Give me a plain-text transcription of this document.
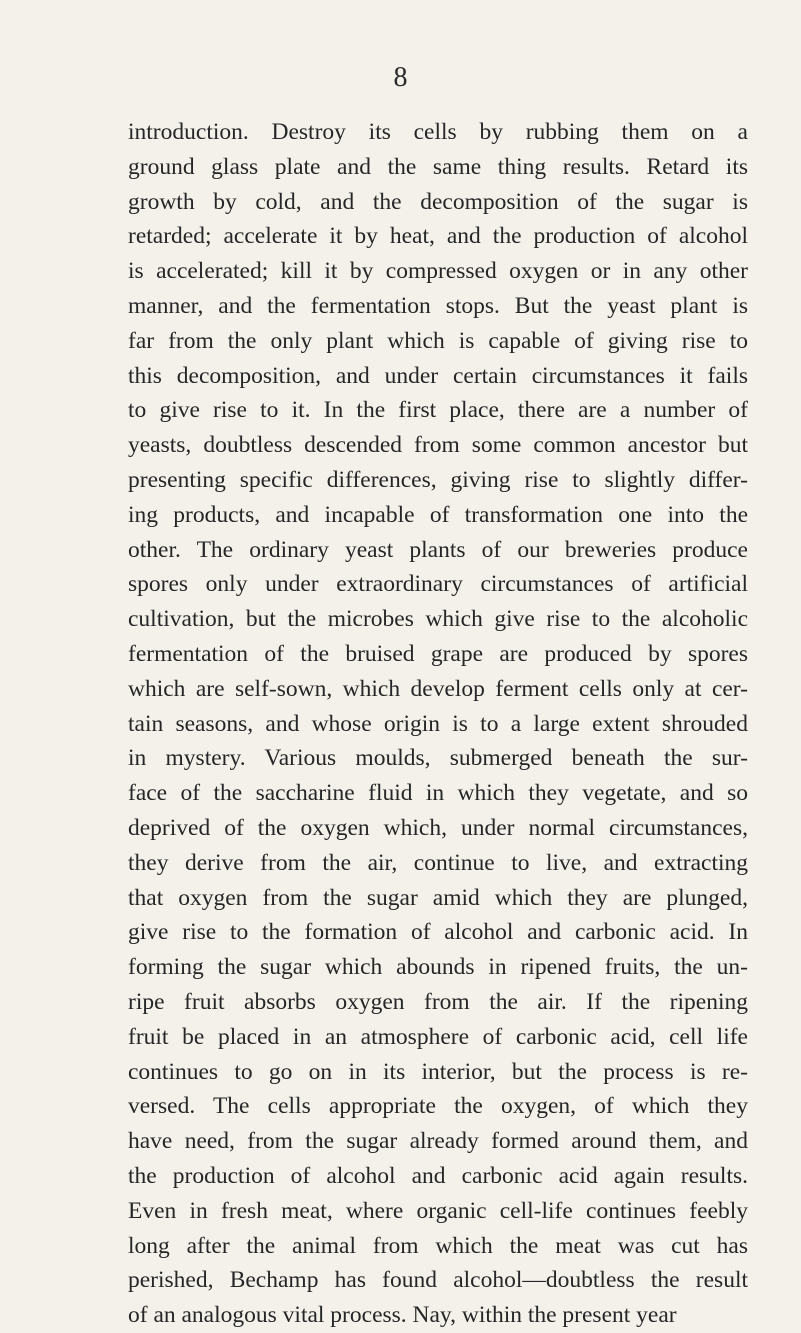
8
introduction. Destroy its cells by rubbing them on a
ground glass plate and the same thing results. Retard its
growth by cold, and the decomposition of the sugar is
retarded; accelerate it by heat, and the production of alcohol
is accelerated; kill it by compressed oxygen or in any other
manner, and the fermentation stops. But the yeast plant is
far from the only plant which is capable of giving rise to
this decomposition, and under certain circumstances it fails
to give rise to it. In the first place, there are a number of
yeasts, doubtless descended from some common ancestor but
presenting specific differences, giving rise to slightly differ-
ing products, and incapable of transformation one into the
other. The ordinary yeast plants of our breweries produce
spores only under extraordinary circumstances of artificial
cultivation, but the microbes which give rise to the alcoholic
fermentation of the bruised grape are produced by spores
which are self-sown, which develop ferment cells only at cer-
tain seasons, and whose origin is to a large extent shrouded
in mystery. Various moulds, submerged beneath the sur-
face of the saccharine fluid in which they vegetate, and so
deprived of the oxygen which, under normal circumstances,
they derive from the air, continue to live, and extracting
that oxygen from the sugar amid which they are plunged,
give rise to the formation of alcohol and carbonic acid. In
forming the sugar which abounds in ripened fruits, the un-
ripe fruit absorbs oxygen from the air. If the ripening
fruit be placed in an atmosphere of carbonic acid, cell life
continues to go on in its interior, but the process is re-
versed. The cells appropriate the oxygen, of which they
have need, from the sugar already formed around them, and
the production of alcohol and carbonic acid again results.
Even in fresh meat, where organic cell-life continues feebly
long after the animal from which the meat was cut has
perished, Bechamp has found alcohol—doubtless the result
of an analogous vital process. Nay, within the present year
